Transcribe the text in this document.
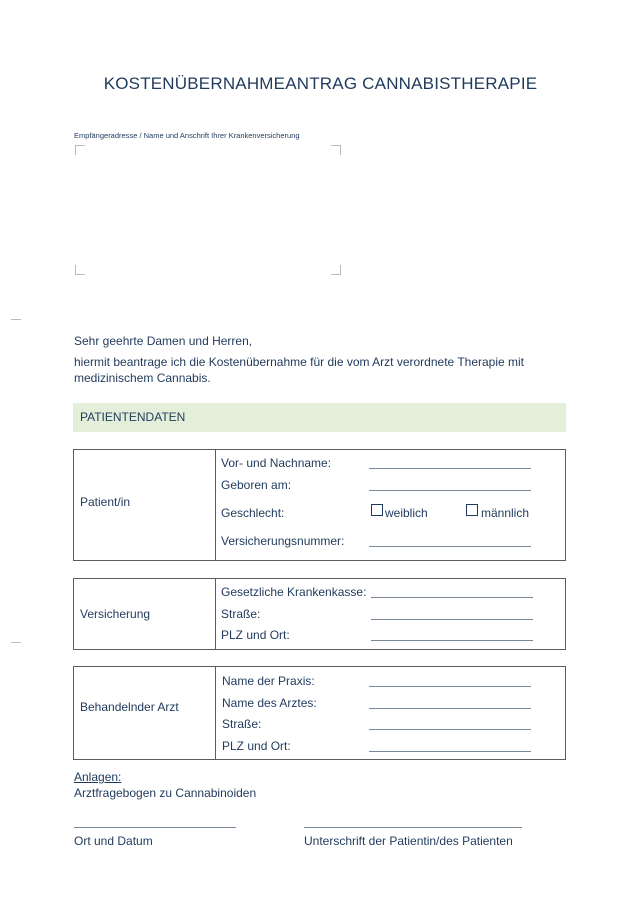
KOSTENÜBERNAHMEANTRAG CANNABISTHERAPIE
Empfängeradresse / Name und Anschrift Ihrer Krankenversicherung
Sehr geehrte Damen und Herren,
hiermit beantrage ich die Kostenübernahme für die vom Arzt verordnete Therapie mit medizinischem Cannabis.
PATIENTENDATEN
Patient/in
Vor- und Nachname:
Geboren am:
Geschlecht:	weiblich	männlich
Versicherungsnummer:
Versicherung
Gesetzliche Krankenkasse:
Straße:
PLZ und Ort:
Behandelnder Arzt
Name der Praxis:
Name des Arztes:
Straße:
PLZ und Ort:
Anlagen:
Arztfragebogen zu Cannabinoiden
Ort und Datum	Unterschrift der Patientin/des Patienten
